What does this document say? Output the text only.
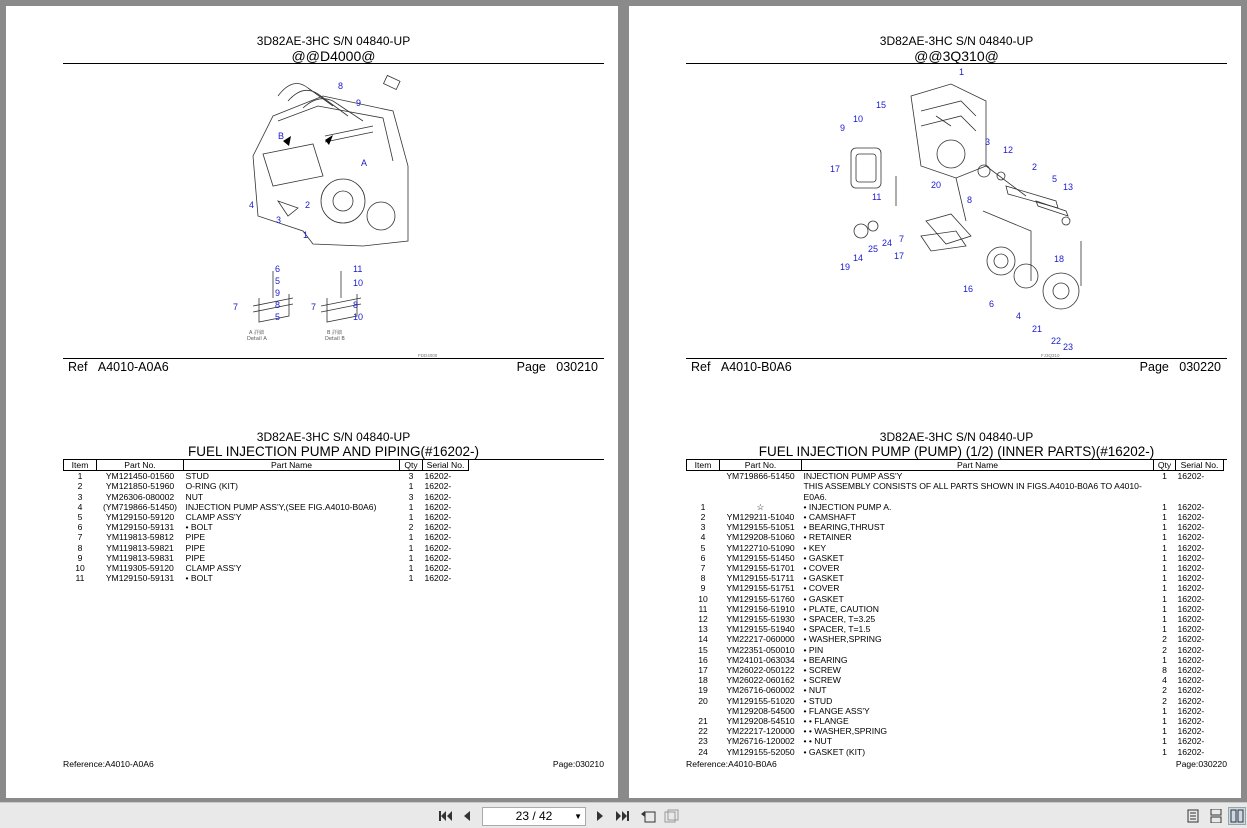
3D82AE-3HC S/N 04840-UP
@@D4000@
8
9
B
A
4
3
2
1
6
5
9
7	8
5
11
10
7	8
10
A 詳細
Detail A
B 詳細
Detail B
FDD4000
Ref A4010-A0A6	Page 030210
3D82AE-3HC S/N 04840-UP
FUEL INJECTION PUMP AND PIPING(#16202-)
Item	Part No.	Part Name	Qty	Serial No.
1	YM121450-01560	STUD	3	16202-
2	YM121850-51960	O-RING (KIT)	1	16202-
3	YM26306-080002	NUT	3	16202-
4	(YM719866-51450)	INJECTION PUMP ASS'Y,(SEE FIG.A4010-B0A6)	1	16202-
5	YM129150-59120	CLAMP ASS'Y	1	16202-
6	YM129150-59131	• BOLT	2	16202-
7	YM119813-59812	PIPE	1	16202-
8	YM119813-59821	PIPE	1	16202-
9	YM119813-59831	PIPE	1	16202-
10	YM119305-59120	CLAMP ASS'Y	1	16202-
11	YM129150-59131	• BOLT	1	16202-
Reference:A4010-A0A6	Page:030210
3D82AE-3HC S/N 04840-UP
@@3Q310@
1
15
10
9
3
12
17
20
11
2
5
13
8
7
24
25
17
14
19
18
16
6
4
21
22
23
FJ3Q310
Ref A4010-B0A6	Page 030220
3D82AE-3HC S/N 04840-UP
FUEL INJECTION PUMP (PUMP) (1/2) (INNER PARTS)(#16202-)
Item	Part No.	Part Name	Qty	Serial No.
	YM719866-51450	INJECTION PUMP ASS'Y	1	16202-
		THIS ASSEMBLY CONSISTS OF ALL PARTS SHOWN IN FIGS.A4010-B0A6 TO A4010-E0A6.		
1	☆	• INJECTION PUMP A.	1	16202-
2	YM129211-51040	• CAMSHAFT	1	16202-
3	YM129155-51051	• BEARING,THRUST	1	16202-
4	YM129208-51060	• RETAINER	1	16202-
5	YM122710-51090	• KEY	1	16202-
6	YM129155-51450	• GASKET	1	16202-
7	YM129155-51701	• COVER	1	16202-
8	YM129155-51711	• GASKET	1	16202-
9	YM129155-51751	• COVER	1	16202-
10	YM129155-51760	• GASKET	1	16202-
11	YM129156-51910	• PLATE, CAUTION	1	16202-
12	YM129155-51930	• SPACER, T=3.25	1	16202-
13	YM129155-51940	• SPACER, T=1.5	1	16202-
14	YM22217-060000	• WASHER,SPRING	2	16202-
15	YM22351-050010	• PIN	2	16202-
16	YM24101-063034	• BEARING	1	16202-
17	YM26022-050122	• SCREW	8	16202-
18	YM26022-060162	• SCREW	4	16202-
19	YM26716-060002	• NUT	2	16202-
20	YM129155-51020	• STUD	2	16202-
	YM129208-54500	• FLANGE ASS'Y	1	16202-
21	YM129208-54510	• • FLANGE	1	16202-
22	YM22217-120000	• • WASHER,SPRING	1	16202-
23	YM26716-120002	• • NUT	1	16202-
24	YM129155-52050	• GASKET (KIT)	1	16202-
Reference:A4010-B0A6	Page:030220
23 / 42	▼
